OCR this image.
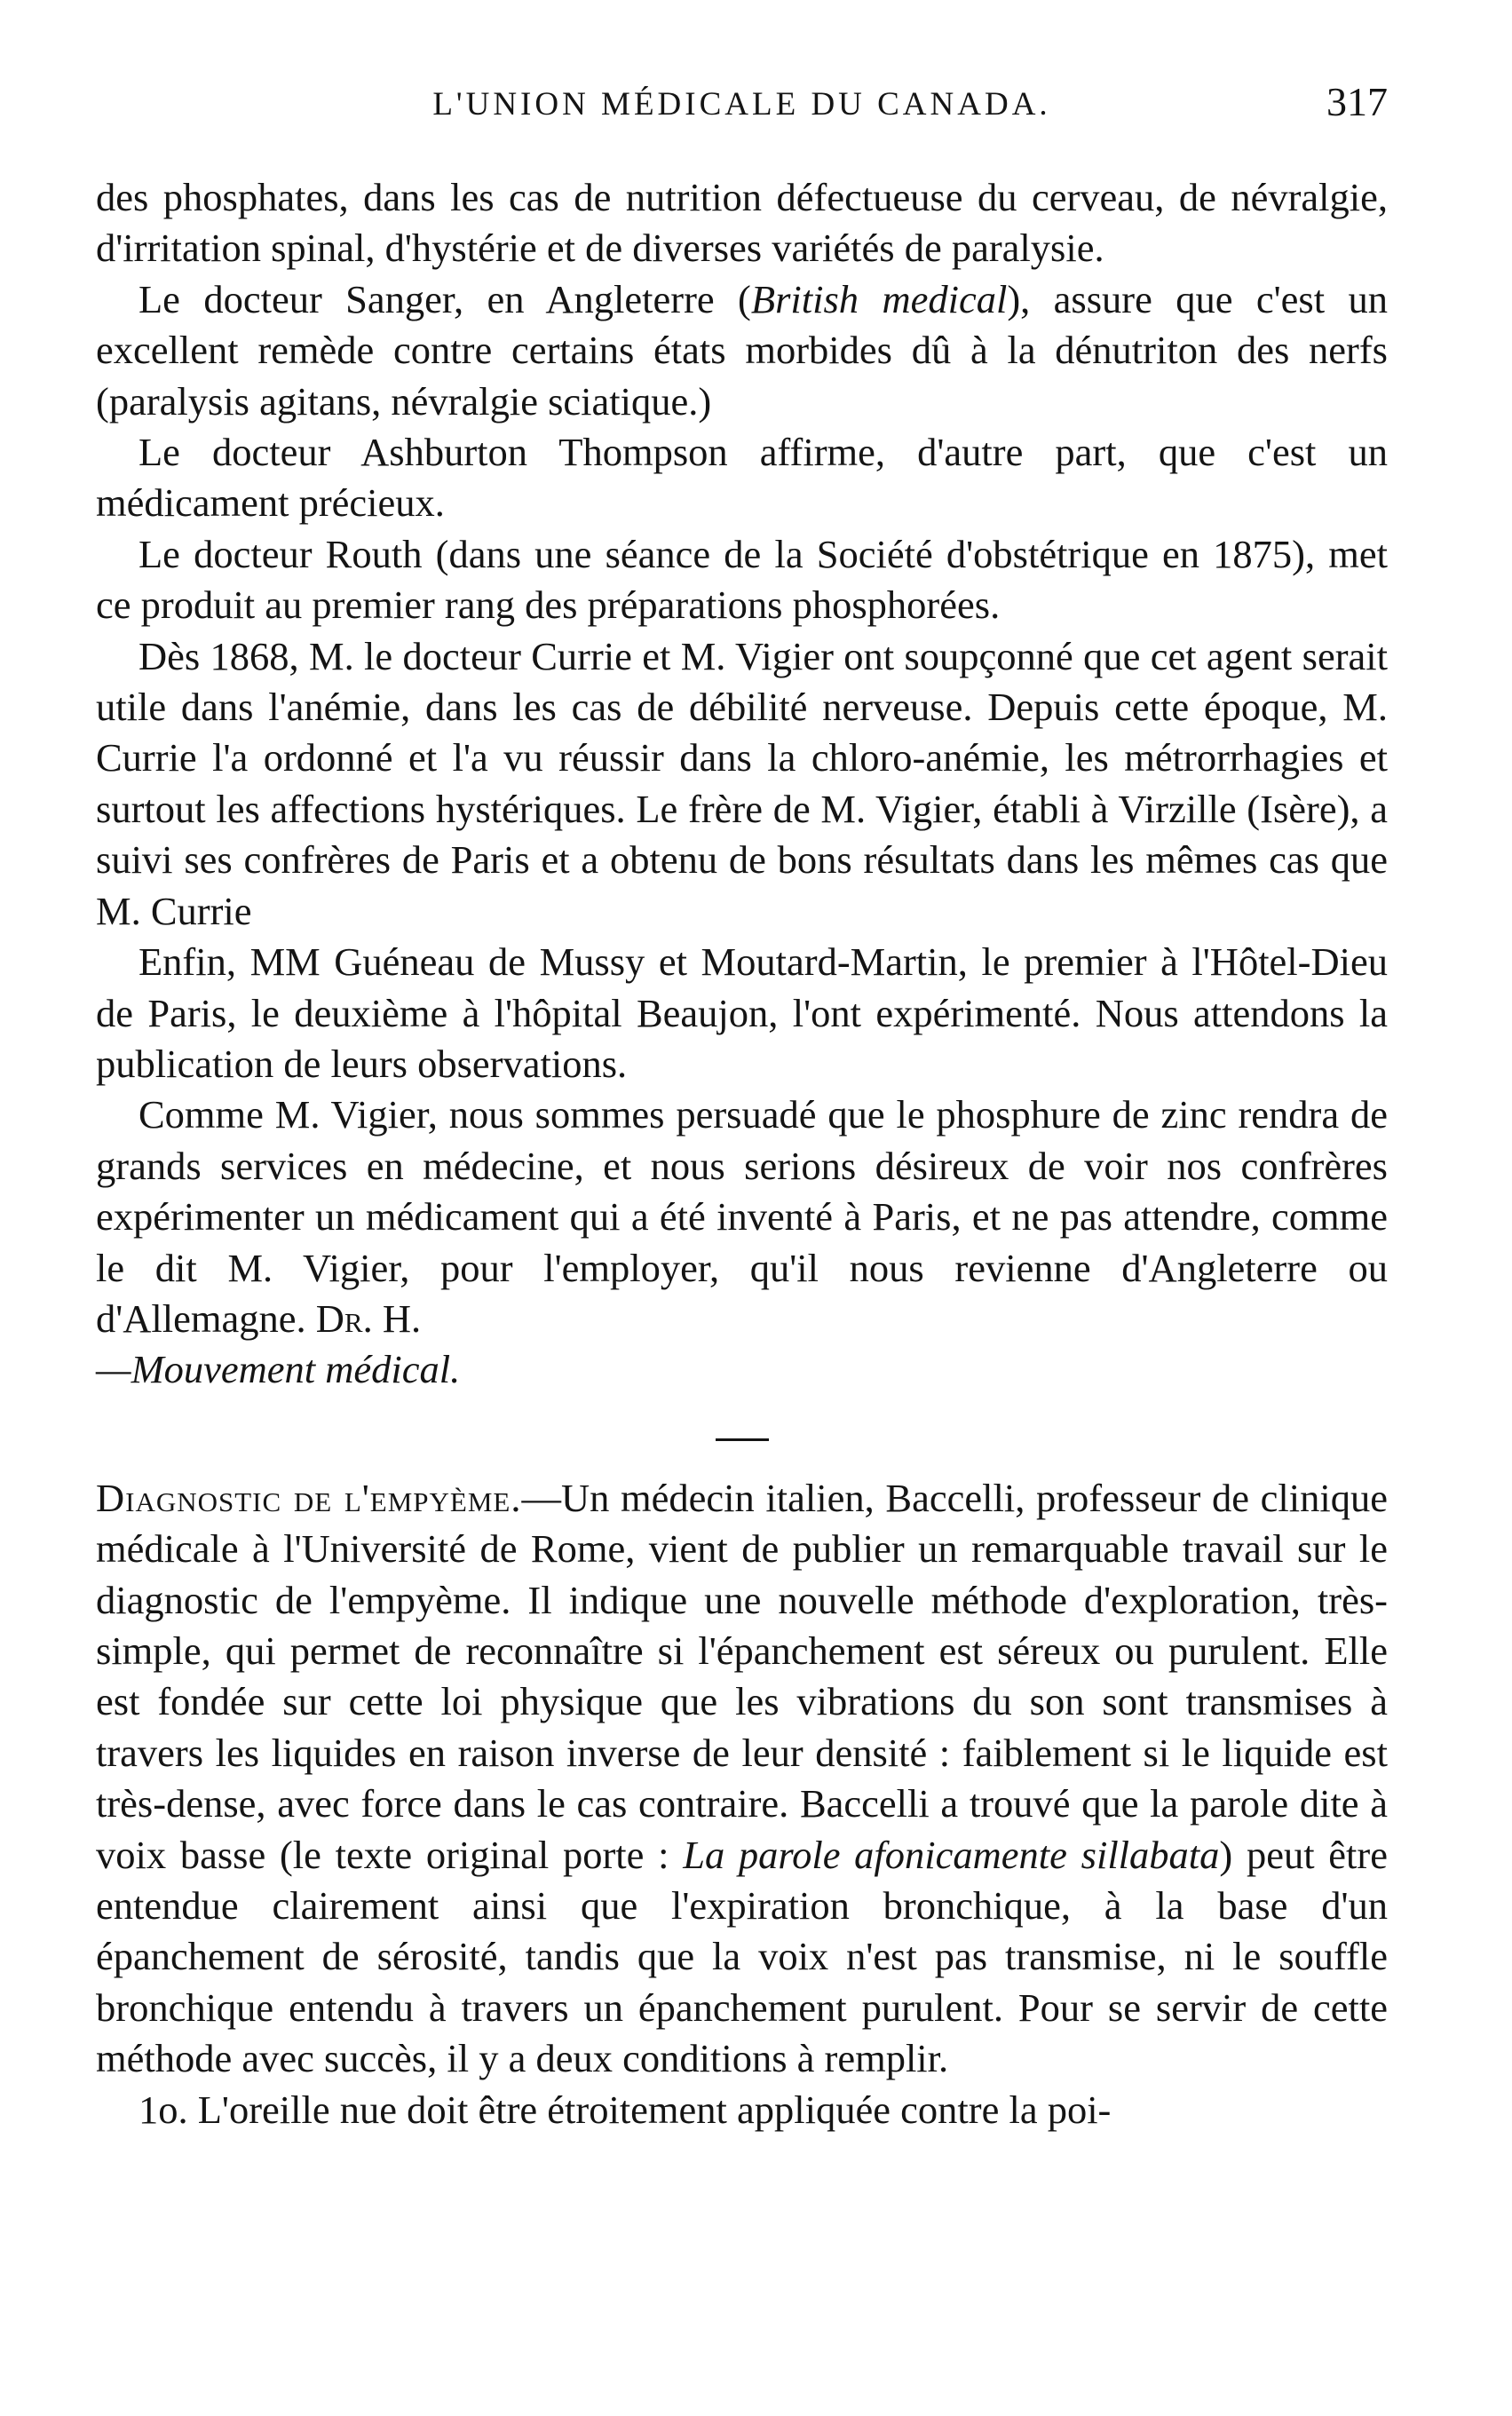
L'UNION MÉDICALE DU CANADA.	317

des phosphates, dans les cas de nutrition défectueuse du cerveau, de névralgie, d'irritation spinal, d'hystérie et de diverses variétés de paralysie.

Le docteur Sanger, en Angleterre (British medical), assure que c'est un excellent remède contre certains états morbides dû à la dénutriton des nerfs (paralysis agitans, névralgie sciatique.)

Le docteur Ashburton Thompson affirme, d'autre part, que c'est un médicament précieux.

Le docteur Routh (dans une séance de la Société d'obstétrique en 1875), met ce produit au premier rang des préparations phosphorées.

Dès 1868, M. le docteur Currie et M. Vigier ont soupçonné que cet agent serait utile dans l'anémie, dans les cas de débilité nerveuse. Depuis cette époque, M. Currie l'a ordonné et l'a vu réussir dans la chloro-anémie, les métrorrhagies et surtout les affections hystériques. Le frère de M. Vigier, établi à Virzille (Isère), a suivi ses confrères de Paris et a obtenu de bons résultats dans les mêmes cas que M. Currie

Enfin, MM Guéneau de Mussy et Moutard-Martin, le premier à l'Hôtel-Dieu de Paris, le deuxième à l'hôpital Beaujon, l'ont expérimenté. Nous attendons la publication de leurs observations.

Comme M. Vigier, nous sommes persuadé que le phosphure de zinc rendra de grands services en médecine, et nous serions désireux de voir nos confrères expérimenter un médicament qui a été inventé à Paris, et ne pas attendre, comme le dit M. Vigier, pour l'employer, qu'il nous revienne d'Angleterre ou d'Allemagne. Dr. H.
—Mouvement médical.

Diagnostic de l'empyème.—Un médecin italien, Baccelli, professeur de clinique médicale à l'Université de Rome, vient de publier un remarquable travail sur le diagnostic de l'empyème. Il indique une nouvelle méthode d'exploration, très-simple, qui permet de reconnaître si l'épanchement est séreux ou purulent. Elle est fondée sur cette loi physique que les vibrations du son sont transmises à travers les liquides en raison inverse de leur densité : faiblement si le liquide est très-dense, avec force dans le cas contraire. Baccelli a trouvé que la parole dite à voix basse (le texte original porte : La parole afonicamente sillabata) peut être entendue clairement ainsi que l'expiration bronchique, à la base d'un épanchement de sérosité, tandis que la voix n'est pas transmise, ni le souffle bronchique entendu à travers un épanchement purulent. Pour se servir de cette méthode avec succès, il y a deux conditions à remplir.

1o. L'oreille nue doit être étroitement appliquée contre la poi-
